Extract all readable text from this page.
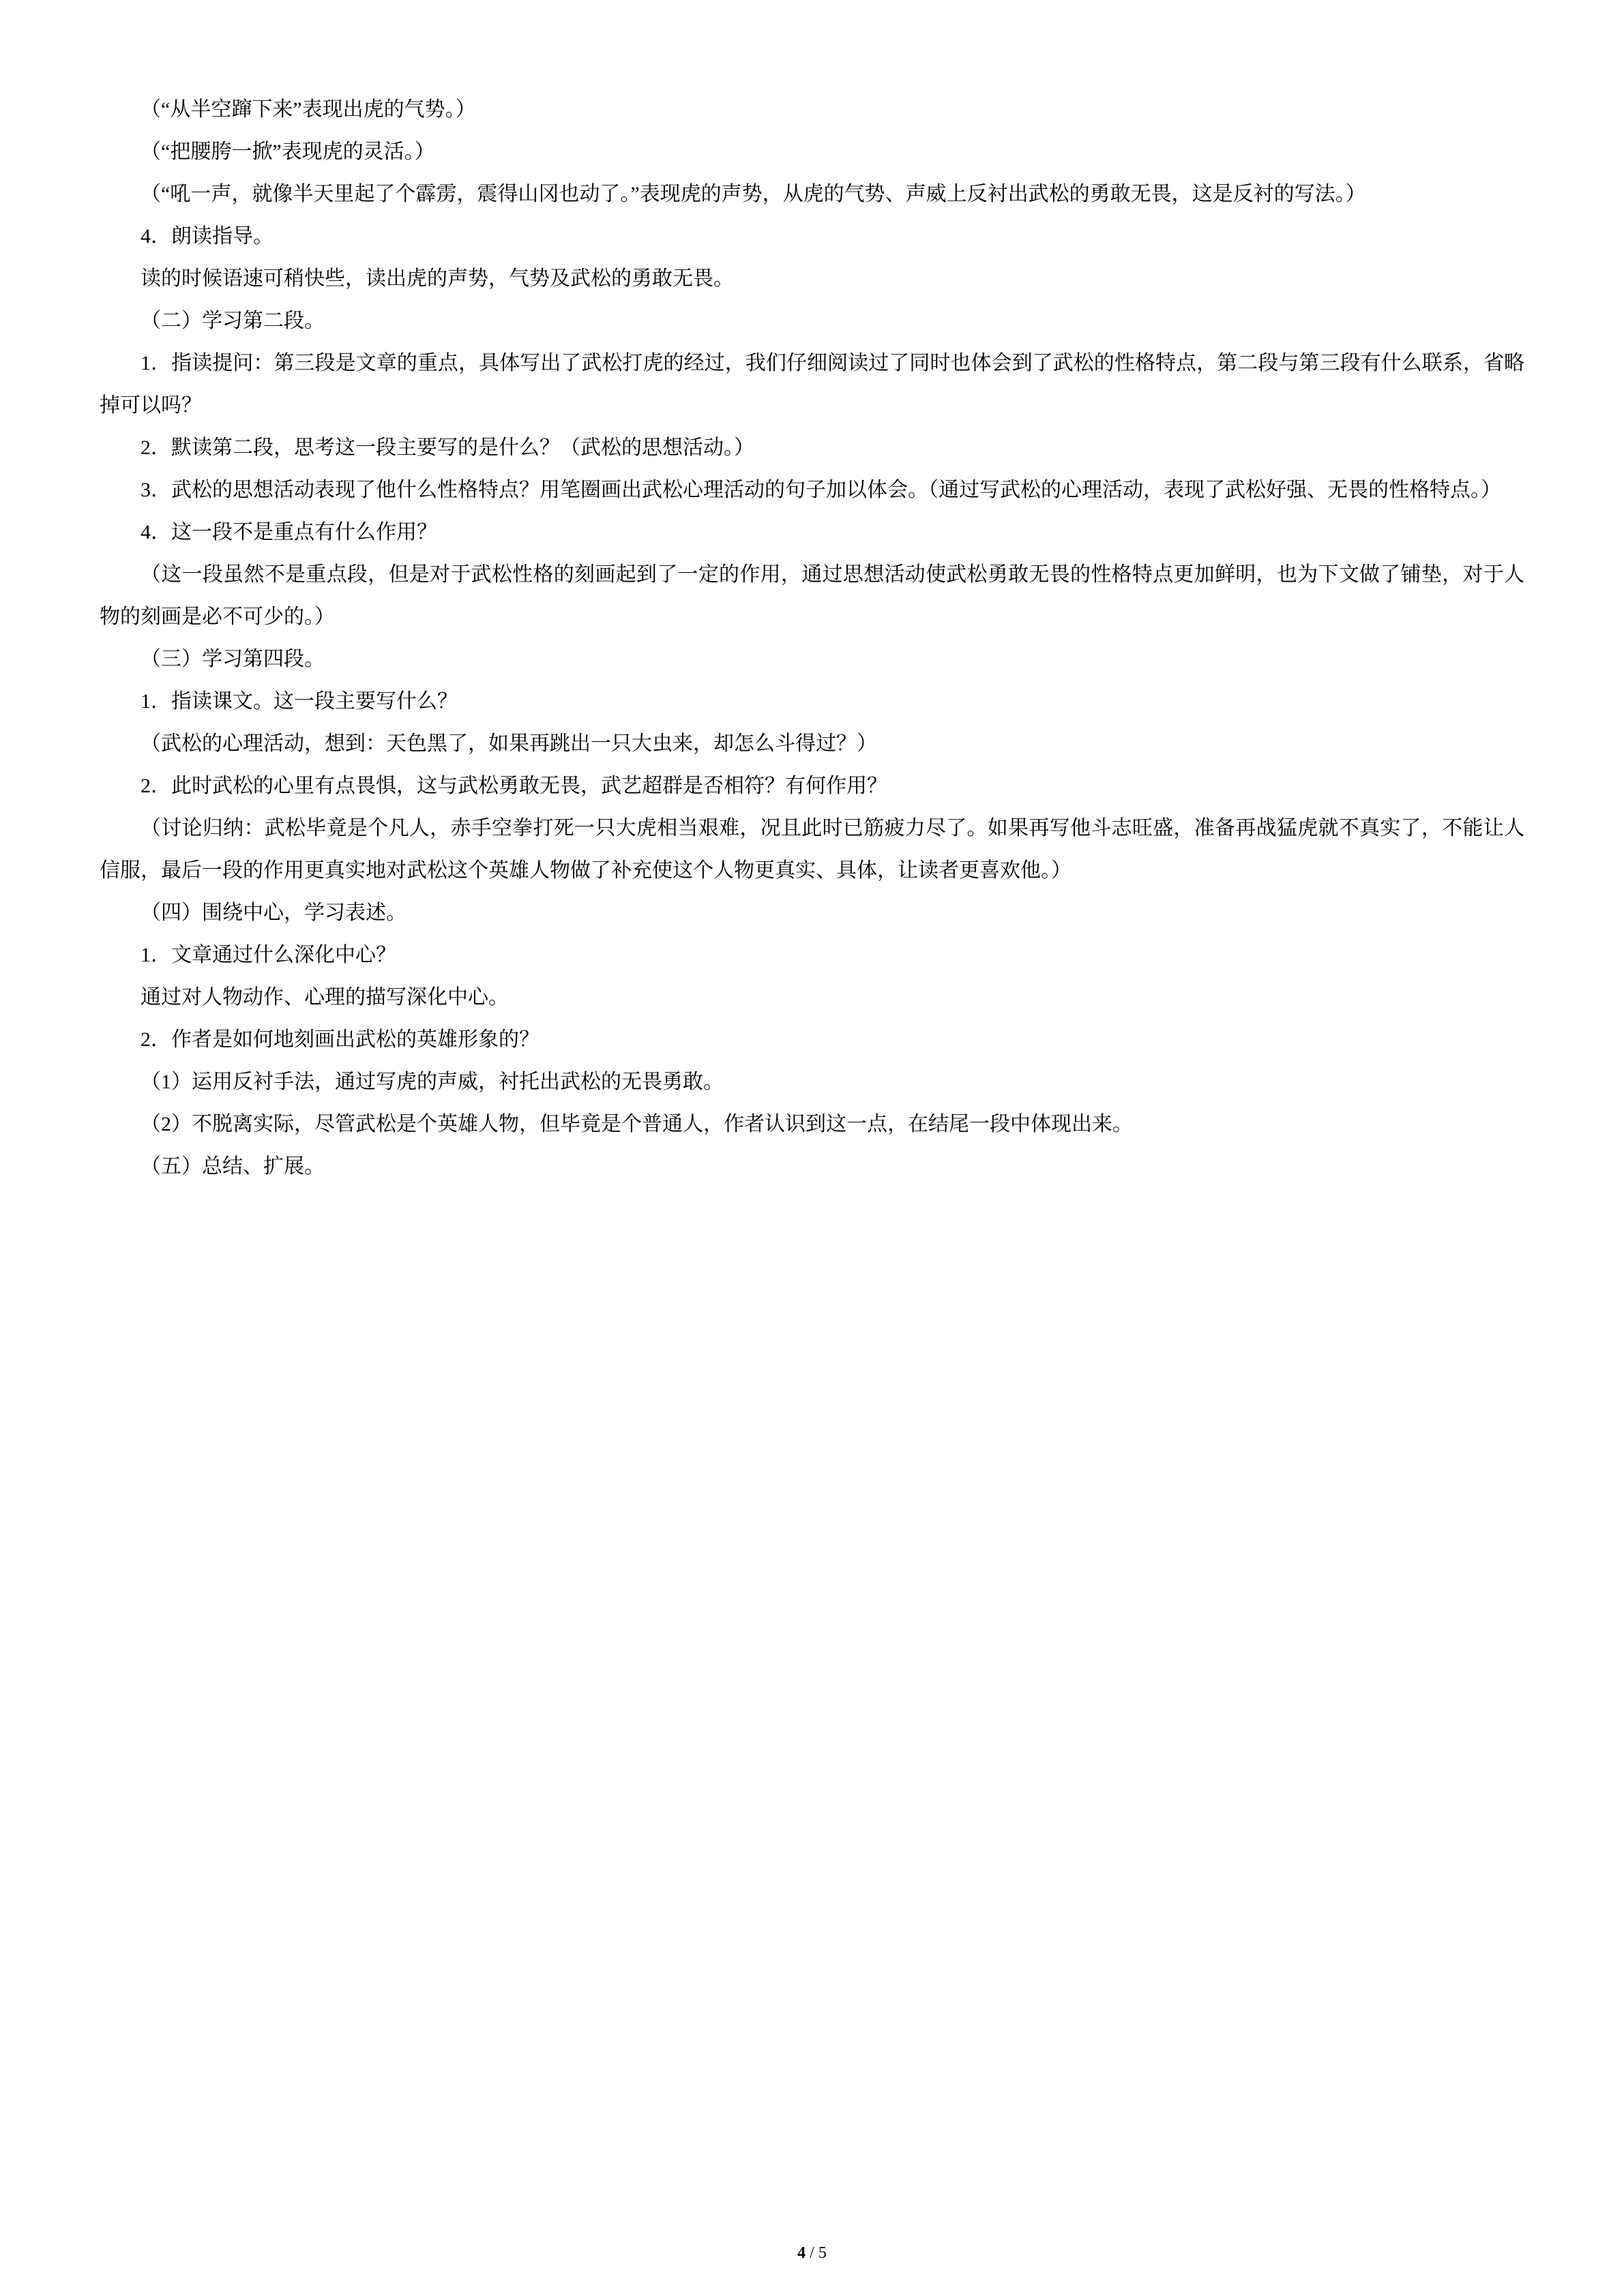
（“从半空蹿下来”表现出虎的气势。）

（“把腰胯一掀”表现虎的灵活。）

（“吼一声，就像半天里起了个霹雳，震得山冈也动了。”表现虎的声势，从虎的气势、声威上反衬出武松的勇敢无畏，这是反衬的写法。）

4．朗读指导。

读的时候语速可稍快些，读出虎的声势，气势及武松的勇敢无畏。

（二）学习第二段。

1．指读提问：第三段是文章的重点，具体写出了武松打虎的经过，我们仔细阅读过了同时也体会到了武松的性格特点，第二段与第三段有什么联系，省略掉可以吗？

2．默读第二段，思考这一段主要写的是什么？（武松的思想活动。）

3．武松的思想活动表现了他什么性格特点？用笔圈画出武松心理活动的句子加以体会。（通过写武松的心理活动，表现了武松好强、无畏的性格特点。）

4．这一段不是重点有什么作用？

（这一段虽然不是重点段，但是对于武松性格的刻画起到了一定的作用，通过思想活动使武松勇敢无畏的性格特点更加鲜明，也为下文做了铺垫，对于人物的刻画是必不可少的。）

（三）学习第四段。

1．指读课文。这一段主要写什么？

（武松的心理活动，想到：天色黑了，如果再跳出一只大虫来，却怎么斗得过？）

2．此时武松的心里有点畏惧，这与武松勇敢无畏，武艺超群是否相符？有何作用？

（讨论归纳：武松毕竟是个凡人，赤手空拳打死一只大虎相当艰难，况且此时已筋疲力尽了。如果再写他斗志旺盛，准备再战猛虎就不真实了，不能让人信服，最后一段的作用更真实地对武松这个英雄人物做了补充使这个人物更真实、具体，让读者更喜欢他。）

（四）围绕中心，学习表述。

1．文章通过什么深化中心？

通过对人物动作、心理的描写深化中心。

2．作者是如何地刻画出武松的英雄形象的？

（1）运用反衬手法，通过写虎的声威，衬托出武松的无畏勇敢。

（2）不脱离实际，尽管武松是个英雄人物，但毕竟是个普通人，作者认识到这一点，在结尾一段中体现出来。

（五）总结、扩展。

4 / 5
